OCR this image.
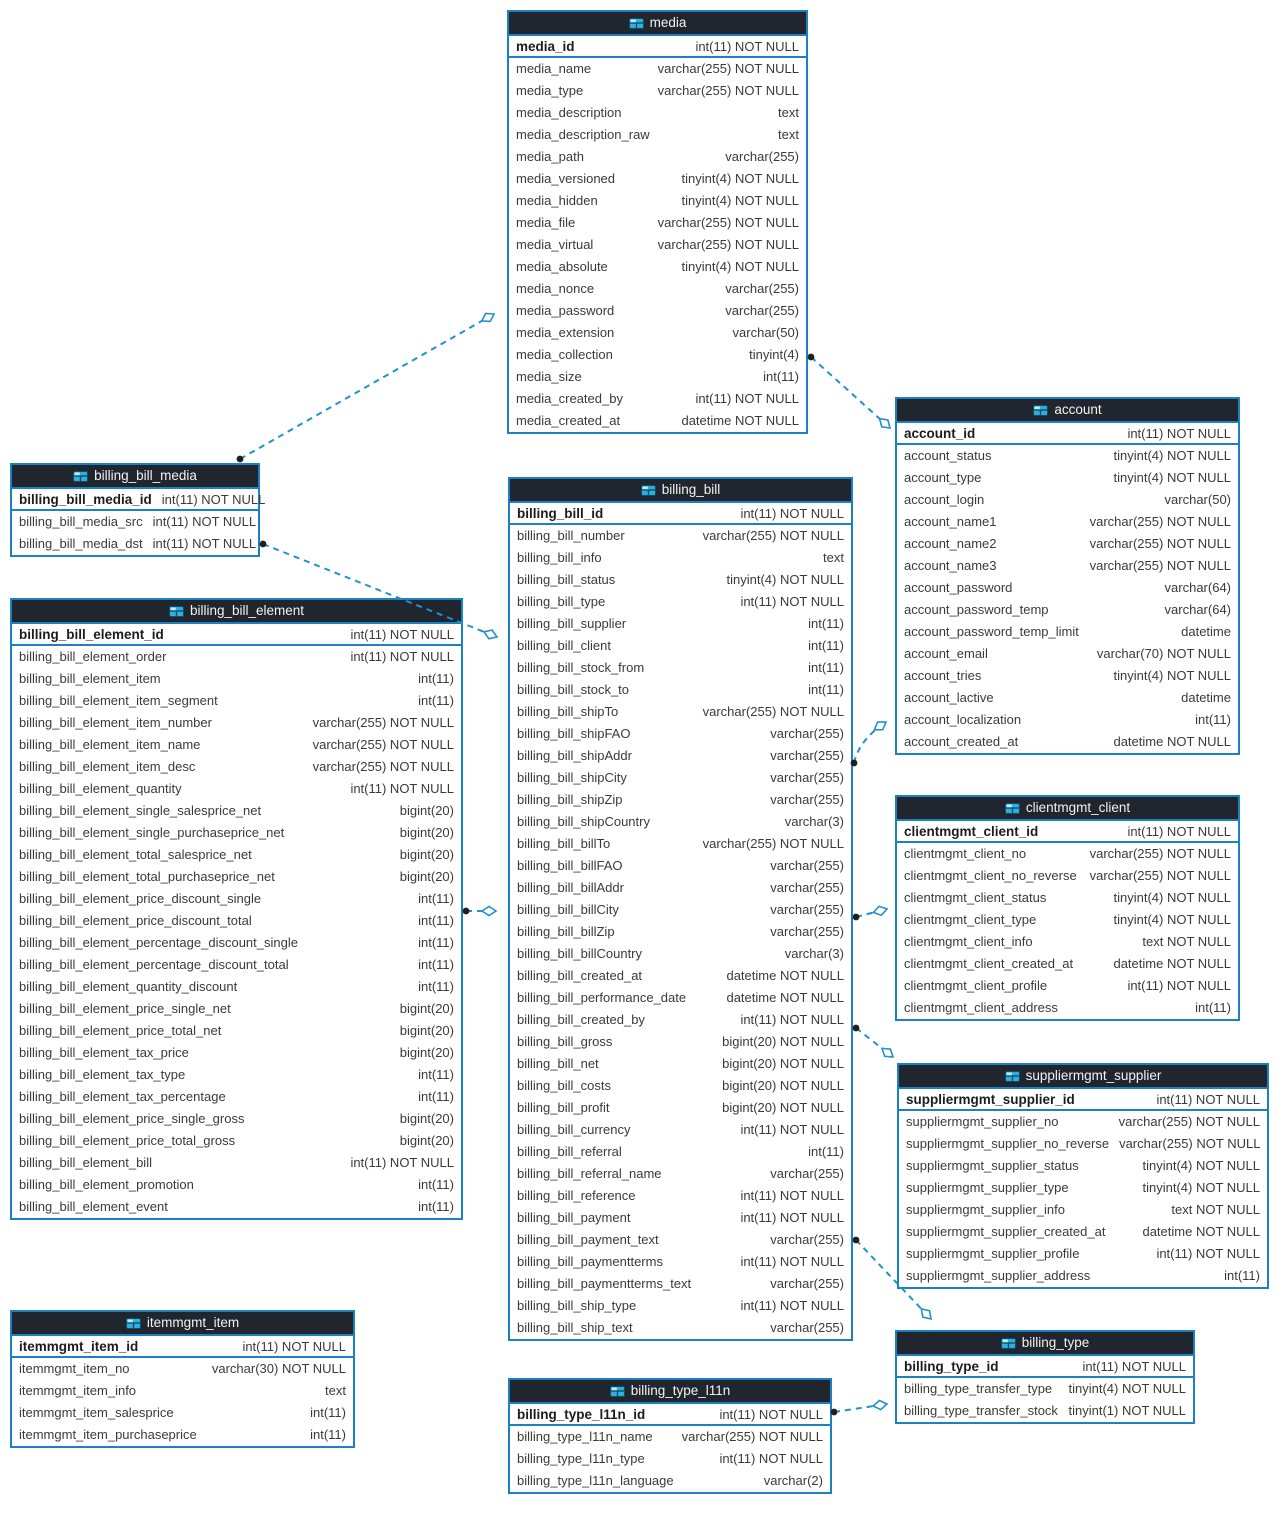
media
media_id	int(11) NOT NULL
media_name	varchar(255) NOT NULL
media_type	varchar(255) NOT NULL
media_description	text
media_description_raw	text
media_path	varchar(255)
media_versioned	tinyint(4) NOT NULL
media_hidden	tinyint(4) NOT NULL
media_file	varchar(255) NOT NULL
media_virtual	varchar(255) NOT NULL
media_absolute	tinyint(4) NOT NULL
media_nonce	varchar(255)
media_password	varchar(255)
media_extension	varchar(50)
media_collection	tinyint(4)
media_size	int(11)
media_created_by	int(11) NOT NULL
media_created_at	datetime NOT NULL
billing_bill
billing_bill_id	int(11) NOT NULL
billing_bill_number	varchar(255) NOT NULL
billing_bill_info	text
billing_bill_status	tinyint(4) NOT NULL
billing_bill_type	int(11) NOT NULL
billing_bill_supplier	int(11)
billing_bill_client	int(11)
billing_bill_stock_from	int(11)
billing_bill_stock_to	int(11)
billing_bill_shipTo	varchar(255) NOT NULL
billing_bill_shipFAO	varchar(255)
billing_bill_shipAddr	varchar(255)
billing_bill_shipCity	varchar(255)
billing_bill_shipZip	varchar(255)
billing_bill_shipCountry	varchar(3)
billing_bill_billTo	varchar(255) NOT NULL
billing_bill_billFAO	varchar(255)
billing_bill_billAddr	varchar(255)
billing_bill_billCity	varchar(255)
billing_bill_billZip	varchar(255)
billing_bill_billCountry	varchar(3)
billing_bill_created_at	datetime NOT NULL
billing_bill_performance_date	datetime NOT NULL
billing_bill_created_by	int(11) NOT NULL
billing_bill_gross	bigint(20) NOT NULL
billing_bill_net	bigint(20) NOT NULL
billing_bill_costs	bigint(20) NOT NULL
billing_bill_profit	bigint(20) NOT NULL
billing_bill_currency	int(11) NOT NULL
billing_bill_referral	int(11)
billing_bill_referral_name	varchar(255)
billing_bill_reference	int(11) NOT NULL
billing_bill_payment	int(11) NOT NULL
billing_bill_payment_text	varchar(255)
billing_bill_paymentterms	int(11) NOT NULL
billing_bill_paymentterms_text	varchar(255)
billing_bill_ship_type	int(11) NOT NULL
billing_bill_ship_text	varchar(255)
account
account_id	int(11) NOT NULL
account_status	tinyint(4) NOT NULL
account_type	tinyint(4) NOT NULL
account_login	varchar(50)
account_name1	varchar(255) NOT NULL
account_name2	varchar(255) NOT NULL
account_name3	varchar(255) NOT NULL
account_password	varchar(64)
account_password_temp	varchar(64)
account_password_temp_limit	datetime
account_email	varchar(70) NOT NULL
account_tries	tinyint(4) NOT NULL
account_lactive	datetime
account_localization	int(11)
account_created_at	datetime NOT NULL
billing_bill_media
billing_bill_media_id int(11) NOT NULL
billing_bill_media_src int(11) NOT NULL
billing_bill_media_dst int(11) NOT NULL
billing_bill_element
billing_bill_element_id	int(11) NOT NULL
billing_bill_element_order	int(11) NOT NULL
billing_bill_element_item	int(11)
billing_bill_element_item_segment	int(11)
billing_bill_element_item_number	varchar(255) NOT NULL
billing_bill_element_item_name	varchar(255) NOT NULL
billing_bill_element_item_desc	varchar(255) NOT NULL
billing_bill_element_quantity	int(11) NOT NULL
billing_bill_element_single_salesprice_net	bigint(20)
billing_bill_element_single_purchaseprice_net	bigint(20)
billing_bill_element_total_salesprice_net	bigint(20)
billing_bill_element_total_purchaseprice_net	bigint(20)
billing_bill_element_price_discount_single	int(11)
billing_bill_element_price_discount_total	int(11)
billing_bill_element_percentage_discount_single	int(11)
billing_bill_element_percentage_discount_total	int(11)
billing_bill_element_quantity_discount	int(11)
billing_bill_element_price_single_net	bigint(20)
billing_bill_element_price_total_net	bigint(20)
billing_bill_element_tax_price	bigint(20)
billing_bill_element_tax_type	int(11)
billing_bill_element_tax_percentage	int(11)
billing_bill_element_price_single_gross	bigint(20)
billing_bill_element_price_total_gross	bigint(20)
billing_bill_element_bill	int(11) NOT NULL
billing_bill_element_promotion	int(11)
billing_bill_element_event	int(11)
clientmgmt_client
clientmgmt_client_id	int(11) NOT NULL
clientmgmt_client_no	varchar(255) NOT NULL
clientmgmt_client_no_reverse varchar(255) NOT NULL
clientmgmt_client_status	tinyint(4) NOT NULL
clientmgmt_client_type	tinyint(4) NOT NULL
clientmgmt_client_info	text NOT NULL
clientmgmt_client_created_at	datetime NOT NULL
clientmgmt_client_profile	int(11) NOT NULL
clientmgmt_client_address	int(11)
suppliermgmt_supplier
suppliermgmt_supplier_id	int(11) NOT NULL
suppliermgmt_supplier_no	varchar(255) NOT NULL
suppliermgmt_supplier_no_reverse varchar(255) NOT NULL
suppliermgmt_supplier_status	tinyint(4) NOT NULL
suppliermgmt_supplier_type	tinyint(4) NOT NULL
suppliermgmt_supplier_info	text NOT NULL
suppliermgmt_supplier_created_at	datetime NOT NULL
suppliermgmt_supplier_profile	int(11) NOT NULL
suppliermgmt_supplier_address	int(11)
itemmgmt_item
itemmgmt_item_id	int(11) NOT NULL
itemmgmt_item_no	varchar(30) NOT NULL
itemmgmt_item_info	text
itemmgmt_item_salesprice	int(11)
itemmgmt_item_purchaseprice	int(11)
billing_type
billing_type_id	int(11) NOT NULL
billing_type_transfer_type	tinyint(4) NOT NULL
billing_type_transfer_stock tinyint(1) NOT NULL
billing_type_l11n
billing_type_l11n_id	int(11) NOT NULL
billing_type_l11n_name	varchar(255) NOT NULL
billing_type_l11n_type	int(11) NOT NULL
billing_type_l11n_language	varchar(2)
